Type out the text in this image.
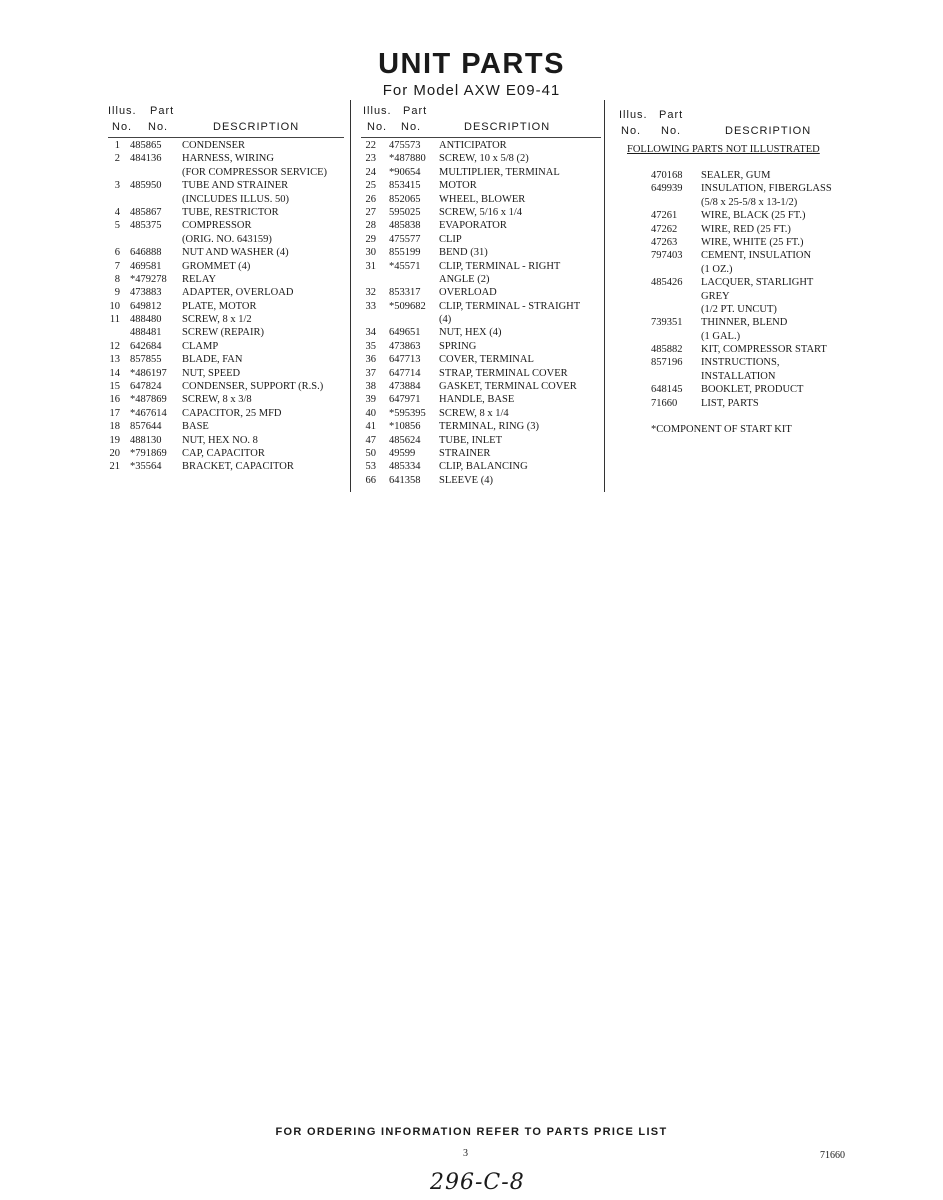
UNIT PARTS
For Model AXW E09-41
Illus. Part
No. No.	DESCRIPTION
1 485865 CONDENSER
2 484136 HARNESS, WIRING
(FOR COMPRESSOR SERVICE)
3 485950 TUBE AND STRAINER
(INCLUDES ILLUS. 50)
4 485867 TUBE, RESTRICTOR
5 485375 COMPRESSOR
(ORIG. NO. 643159)
6 646888 NUT AND WASHER (4)
7 469581 GROMMET (4)
8 *479278 RELAY
9 473883 ADAPTER, OVERLOAD
10 649812 PLATE, MOTOR
11 488480 SCREW, 8 x 1/2
488481 SCREW (REPAIR)
12 642684 CLAMP
13 857855 BLADE, FAN
14 *486197 NUT, SPEED
15 647824 CONDENSER, SUPPORT (R.S.)
16 *487869 SCREW, 8 x 3/8
17 *467614 CAPACITOR, 25 MFD
18 857644 BASE
19 488130 NUT, HEX NO. 8
20 *791869 CAP, CAPACITOR
21 *35564 BRACKET, CAPACITOR
Illus. Part
No. No.	DESCRIPTION
22 475573 ANTICIPATOR
23 *487880 SCREW, 10 x 5/8 (2)
24 *90654 MULTIPLIER, TERMINAL
25 853415 MOTOR
26 852065 WHEEL, BLOWER
27 595025 SCREW, 5/16 x 1/4
28 485838 EVAPORATOR
29 475577 CLIP
30 855199 BEND (31)
31 *45571 CLIP, TERMINAL - RIGHT
ANGLE (2)
32 853317 OVERLOAD
33 *509682 CLIP, TERMINAL - STRAIGHT
(4)
34 649651 NUT, HEX (4)
35 473863 SPRING
36 647713 COVER, TERMINAL
37 647714 STRAP, TERMINAL COVER
38 473884 GASKET, TERMINAL COVER
39 647971 HANDLE, BASE
40 *595395 SCREW, 8 x 1/4
41 *10856 TERMINAL, RING (3)
47 485624 TUBE, INLET
50 49599 STRAINER
53 485334 CLIP, BALANCING
66 641358 SLEEVE (4)
Illus. Part
No. No.	DESCRIPTION
FOLLOWING PARTS NOT ILLUSTRATED
470168 SEALER, GUM
649939 INSULATION, FIBERGLASS
(5/8 x 25-5/8 x 13-1/2)
47261 WIRE, BLACK (25 FT.)
47262 WIRE, RED (25 FT.)
47263 WIRE, WHITE (25 FT.)
797403 CEMENT, INSULATION
(1 OZ.)
485426 LACQUER, STARLIGHT
GREY
(1/2 PT. UNCUT)
739351 THINNER, BLEND
(1 GAL.)
485882 KIT, COMPRESSOR START
857196 INSTRUCTIONS,
INSTALLATION
648145 BOOKLET, PRODUCT
71660 LIST, PARTS
*COMPONENT OF START KIT
FOR ORDERING INFORMATION REFER TO PARTS PRICE LIST
3	71660
296-C-8
